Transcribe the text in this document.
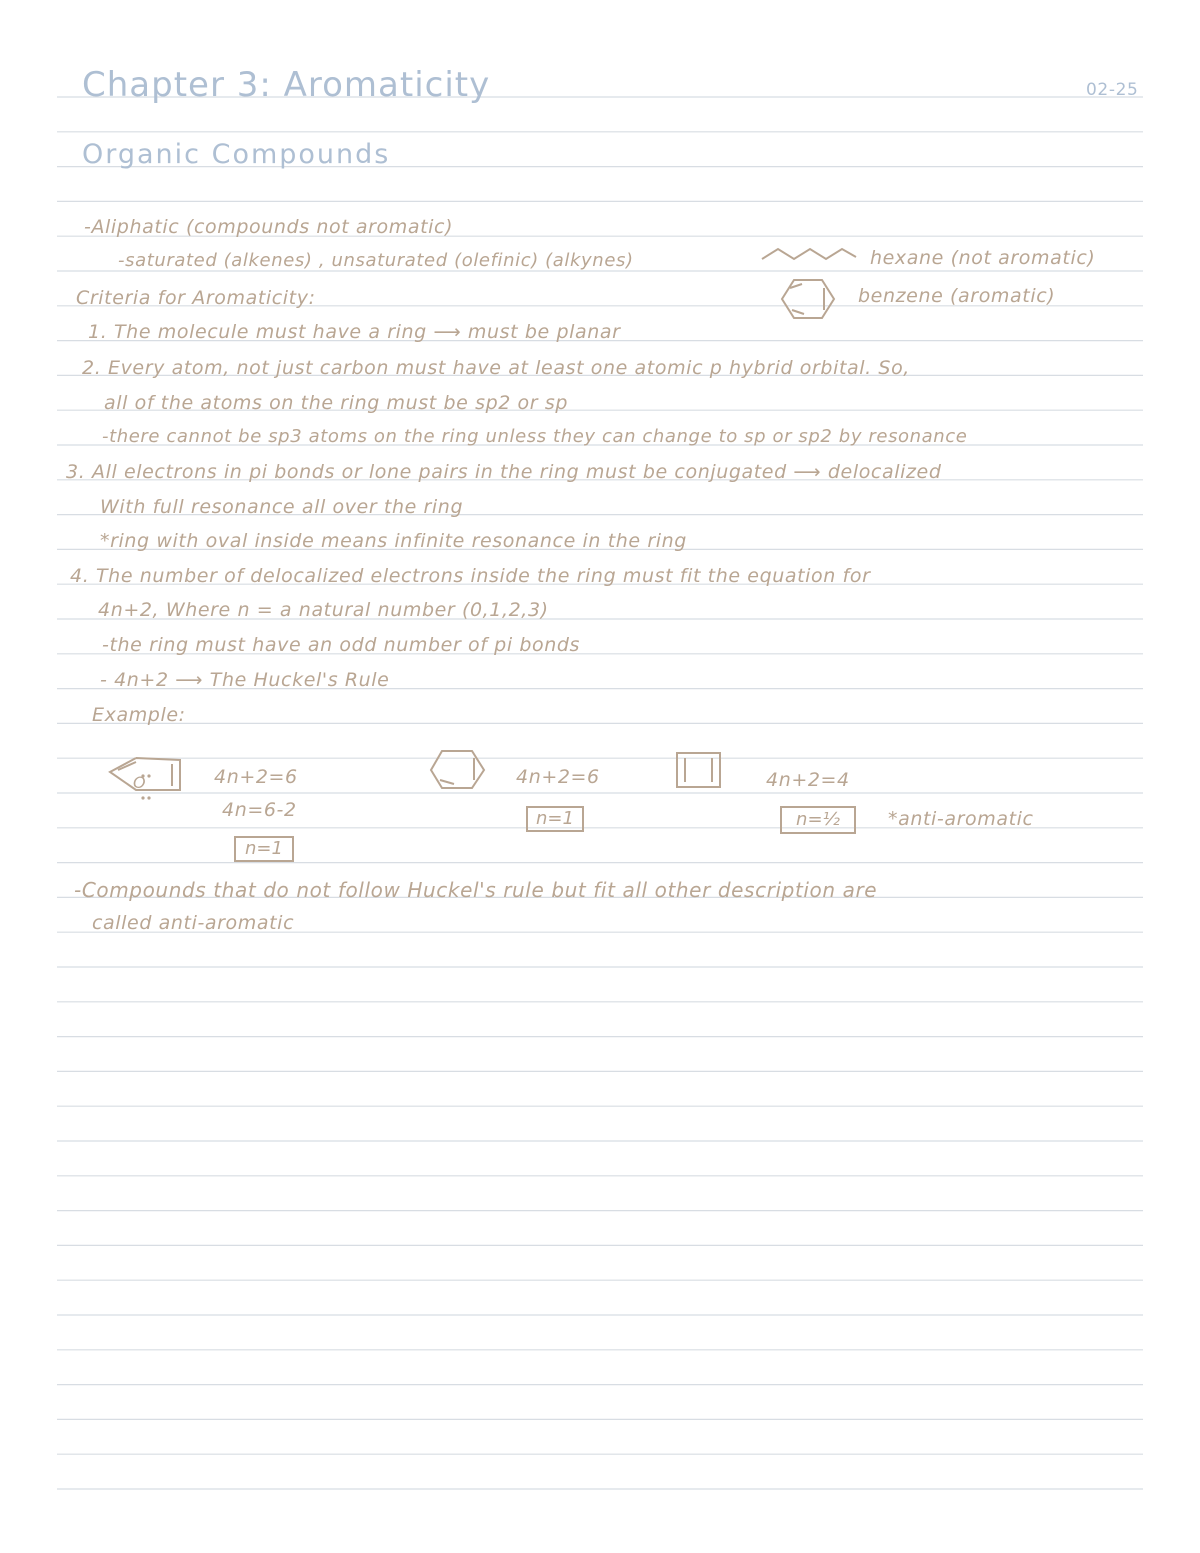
Chapter 3: Aromaticity	02-25
Organic Compounds
-Aliphatic (compounds not aromatic)
-saturated (alkenes) , unsaturated (olefinic) (alkynes)	hexane (not aromatic)
benzene (aromatic)
Criteria for Aromaticity:
1. The molecule must have a ring ⟶ must be planar
2. Every atom, not just carbon must have at least one atomic p hybrid orbital. So,
all of the atoms on the ring must be sp2 or sp
-there cannot be sp3 atoms on the ring unless they can change to sp or sp2 by resonance
3. All electrons in pi bonds or lone pairs in the ring must be conjugated ⟶ delocalized
With full resonance all over the ring
*ring with oval inside means infinite resonance in the ring
4. The number of delocalized electrons inside the ring must fit the equation for
4n+2, Where n = a natural number (0,1,2,3)
-the ring must have an odd number of pi bonds
- 4n+2 ⟶ The Huckel's Rule
Example:
O	4n+2=6
4n=6-2
n=1
4n+2=6
n=1
4n+2=4
n=½	*anti-aromatic
-Compounds that do not follow Huckel's rule but fit all other description are
called anti-aromatic
